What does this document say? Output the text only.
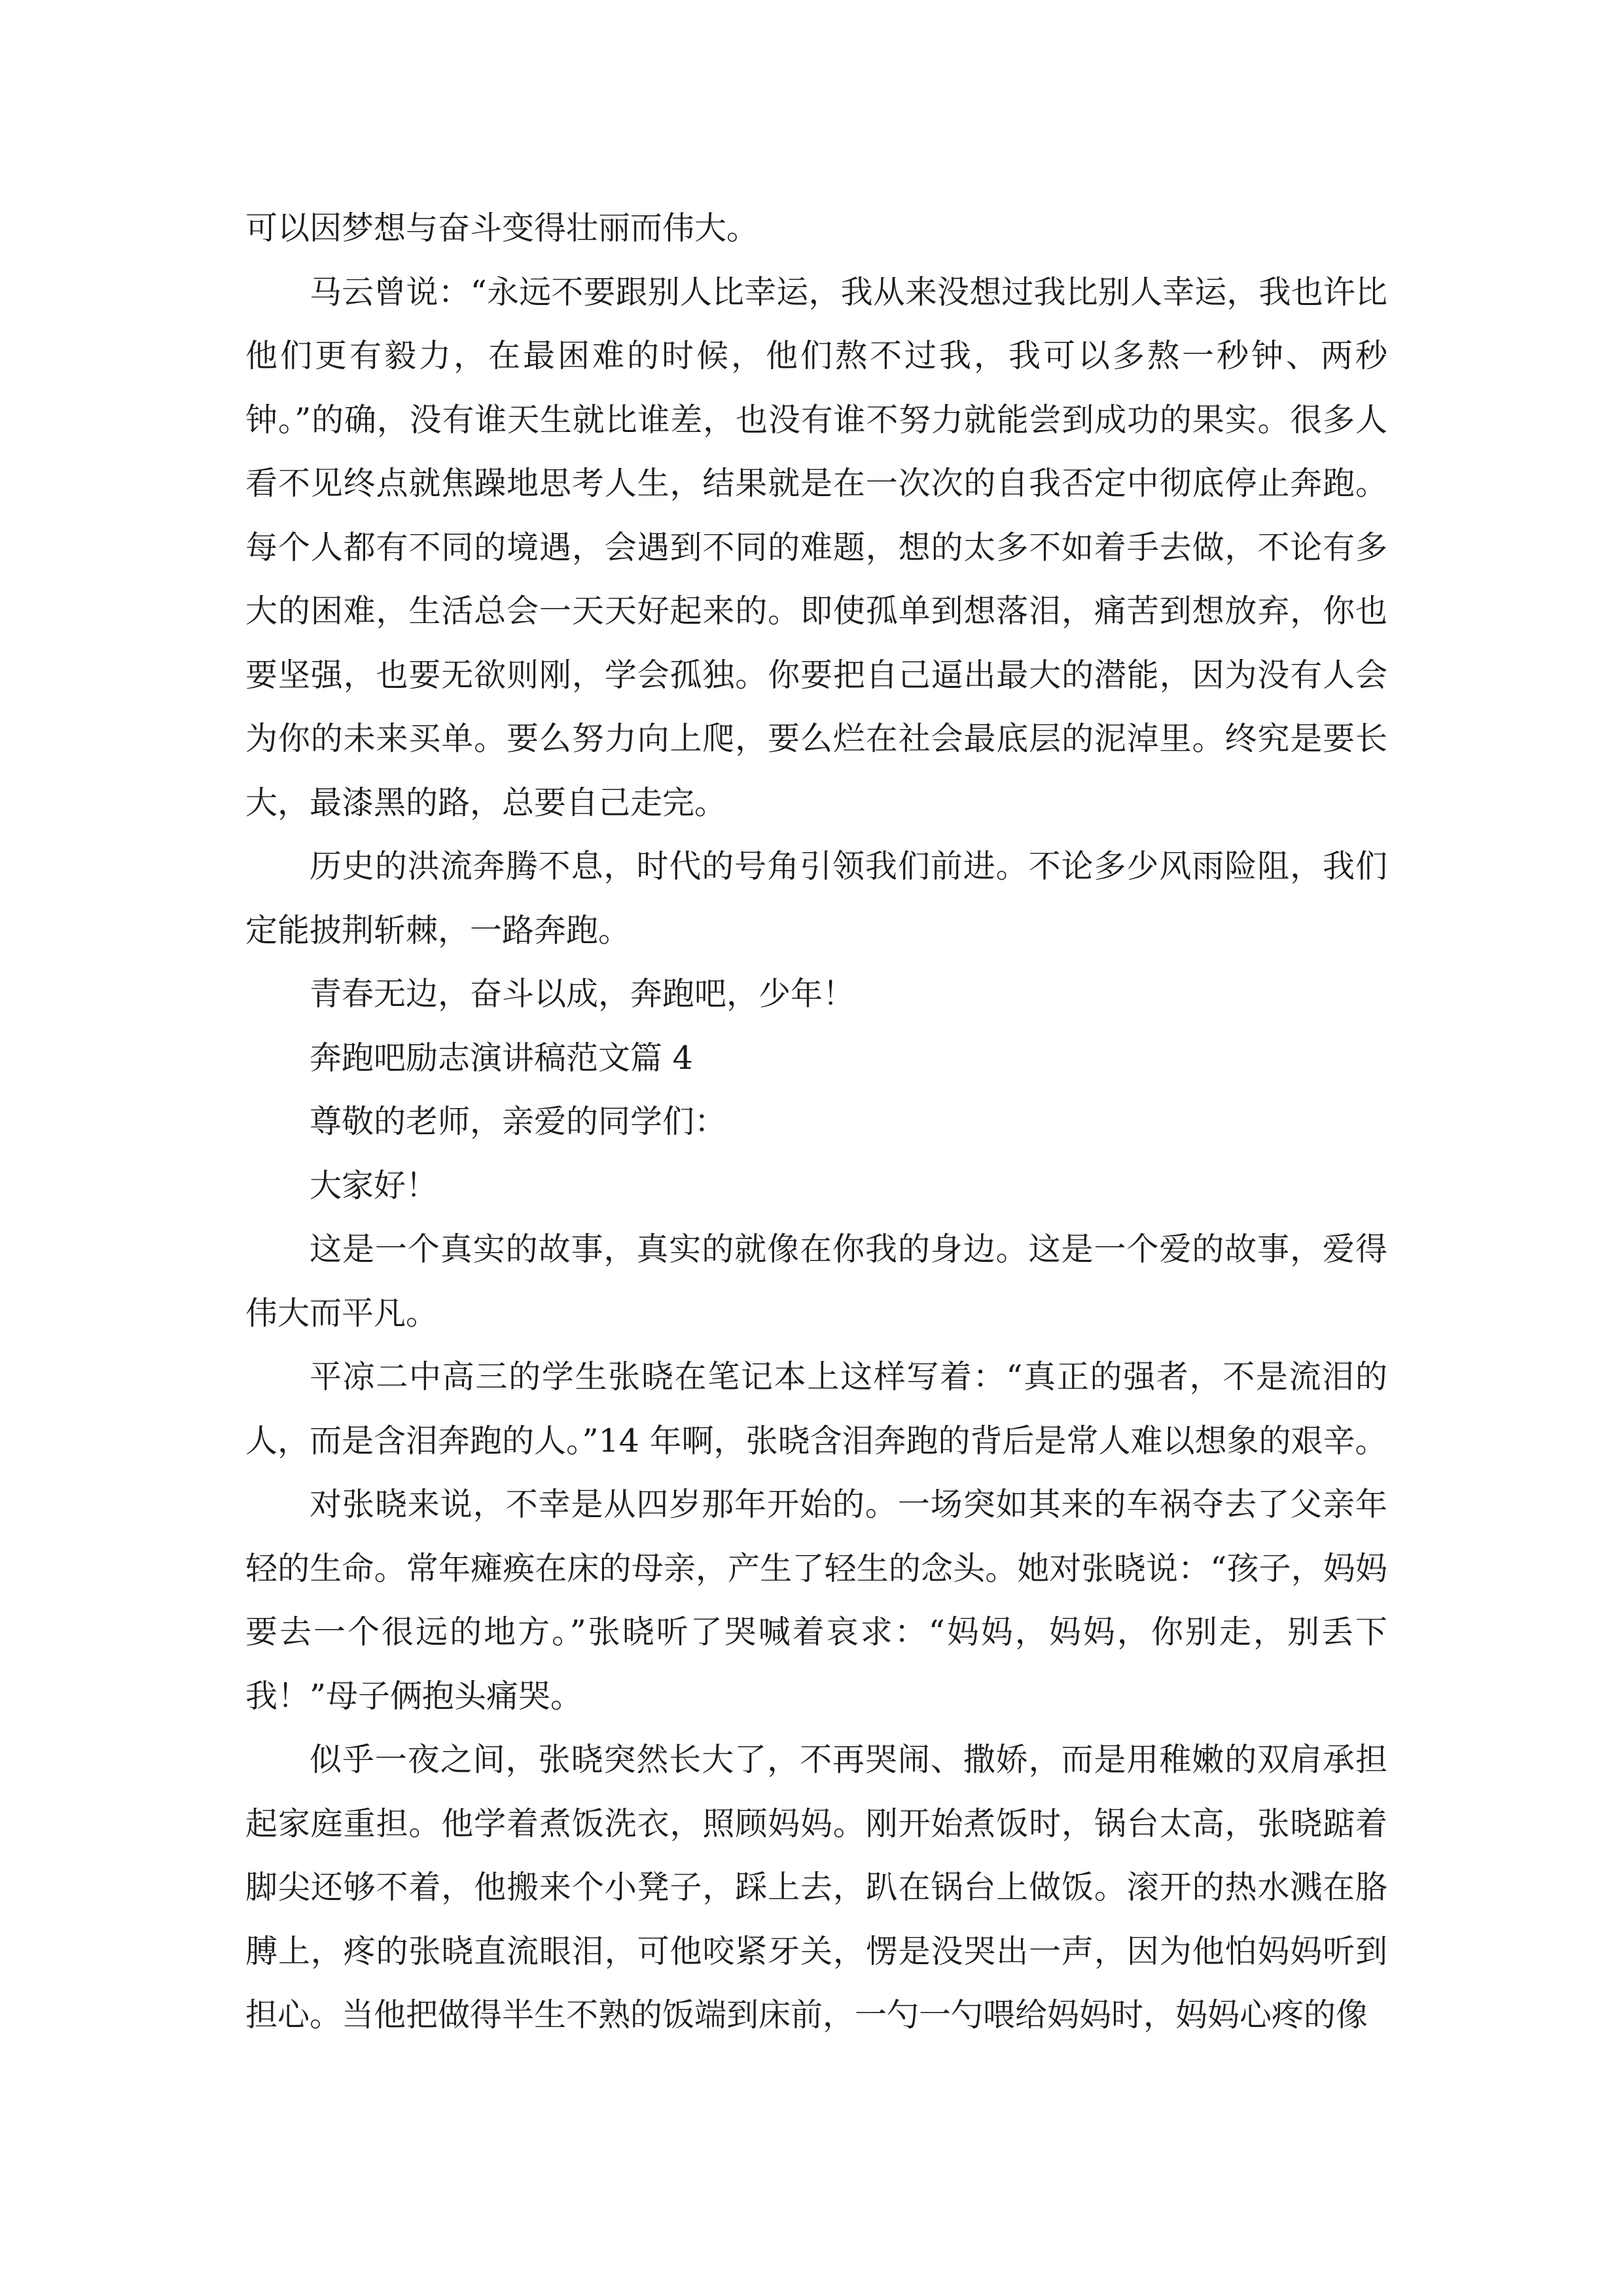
可以因梦想与奋斗变得壮丽而伟大。

马云曾说：“永远不要跟别人比幸运，我从来没想过我比别人幸运，我也许比他们更有毅力，在最困难的时候，他们熬不过我，我可以多熬一秒钟、两秒钟。”的确，没有谁天生就比谁差，也没有谁不努力就能尝到成功的果实。很多人看不见终点就焦躁地思考人生，结果就是在一次次的自我否定中彻底停止奔跑。每个人都有不同的境遇，会遇到不同的难题，想的太多不如着手去做，不论有多大的困难，生活总会一天天好起来的。即使孤单到想落泪，痛苦到想放弃，你也要坚强，也要无欲则刚，学会孤独。你要把自己逼出最大的潜能，因为没有人会为你的未来买单。要么努力向上爬，要么烂在社会最底层的泥淖里。终究是要长大，最漆黑的路，总要自己走完。

历史的洪流奔腾不息，时代的号角引领我们前进。不论多少风雨险阻，我们定能披荆斩棘，一路奔跑。

青春无边，奋斗以成，奔跑吧，少年！

奔跑吧励志演讲稿范文篇 4

尊敬的老师，亲爱的同学们：

大家好！

这是一个真实的故事，真实的就像在你我的身边。这是一个爱的故事，爱得伟大而平凡。

平凉二中高三的学生张晓在笔记本上这样写着：“真正的强者，不是流泪的人，而是含泪奔跑的人。”14 年啊，张晓含泪奔跑的背后是常人难以想象的艰辛。

对张晓来说，不幸是从四岁那年开始的。一场突如其来的车祸夺去了父亲年轻的生命。常年瘫痪在床的母亲，产生了轻生的念头。她对张晓说：“孩子，妈妈要去一个很远的地方。”张晓听了哭喊着哀求：“妈妈，妈妈，你别走，别丢下我！”母子俩抱头痛哭。

似乎一夜之间，张晓突然长大了，不再哭闹、撒娇，而是用稚嫩的双肩承担起家庭重担。他学着煮饭洗衣，照顾妈妈。刚开始煮饭时，锅台太高，张晓踮着脚尖还够不着，他搬来个小凳子，踩上去，趴在锅台上做饭。滚开的热水溅在胳膊上，疼的张晓直流眼泪，可他咬紧牙关，愣是没哭出一声，因为他怕妈妈听到担心。当他把做得半生不熟的饭端到床前，一勺一勺喂给妈妈时，妈妈心疼的像
